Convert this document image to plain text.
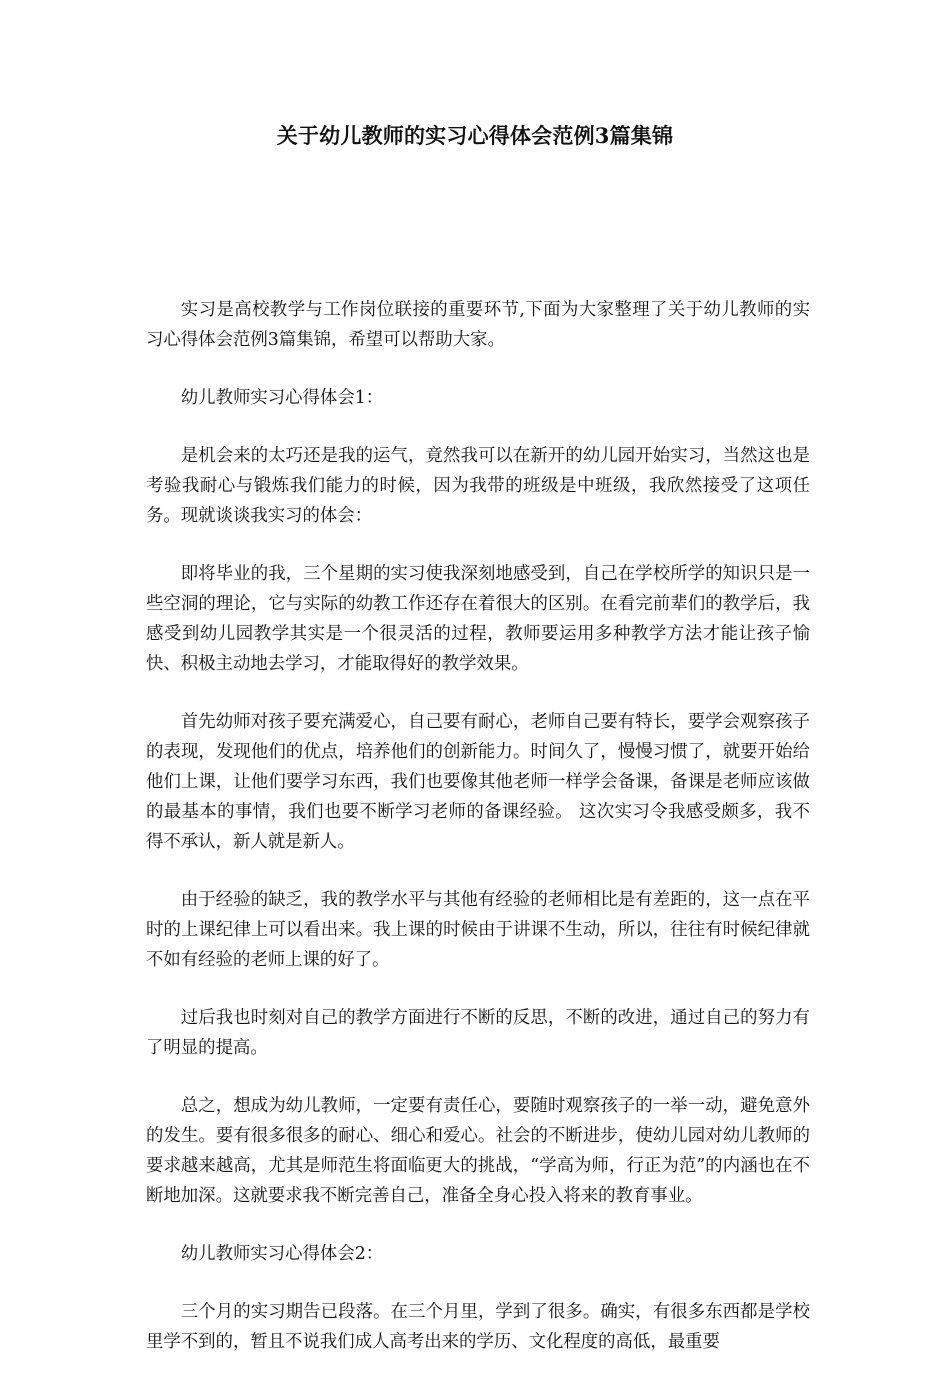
关于幼儿教师的实习心得体会范例3篇集锦

实习是高校教学与工作岗位联接的重要环节,下面为大家整理了关于幼儿教师的实习心得体会范例3篇集锦，希望可以帮助大家。

幼儿教师实习心得体会1：

是机会来的太巧还是我的运气，竟然我可以在新开的幼儿园开始实习，当然这也是考验我耐心与锻炼我们能力的时候，因为我带的班级是中班级，我欣然接受了这项任务。现就谈谈我实习的体会：

即将毕业的我，三个星期的实习使我深刻地感受到，自己在学校所学的知识只是一些空洞的理论，它与实际的幼教工作还存在着很大的区别。在看完前辈们的教学后，我感受到幼儿园教学其实是一个很灵活的过程，教师要运用多种教学方法才能让孩子愉快、积极主动地去学习，才能取得好的教学效果。

首先幼师对孩子要充满爱心，自己要有耐心，老师自己要有特长，要学会观察孩子的表现，发现他们的优点，培养他们的创新能力。时间久了，慢慢习惯了，就要开始给他们上课，让他们要学习东西，我们也要像其他老师一样学会备课，备课是老师应该做的最基本的事情，我们也要不断学习老师的备课经验。 这次实习令我感受颇多，我不得不承认，新人就是新人。

由于经验的缺乏，我的教学水平与其他有经验的老师相比是有差距的，这一点在平时的上课纪律上可以看出来。我上课的时候由于讲课不生动，所以，往往有时候纪律就不如有经验的老师上课的好了。

过后我也时刻对自己的教学方面进行不断的反思，不断的改进，通过自己的努力有了明显的提高。

总之，想成为幼儿教师，一定要有责任心，要随时观察孩子的一举一动，避免意外的发生。要有很多很多的耐心、细心和爱心。社会的不断进步，使幼儿园对幼儿教师的要求越来越高，尤其是师范生将面临更大的挑战，“学高为师，行正为范”的内涵也在不断地加深。这就要求我不断完善自己，准备全身心投入将来的教育事业。

幼儿教师实习心得体会2：

三个月的实习期告已段落。在三个月里，学到了很多。确实，有很多东西都是学校里学不到的，暂且不说我们成人高考出来的学历、文化程度的高低，最重要
